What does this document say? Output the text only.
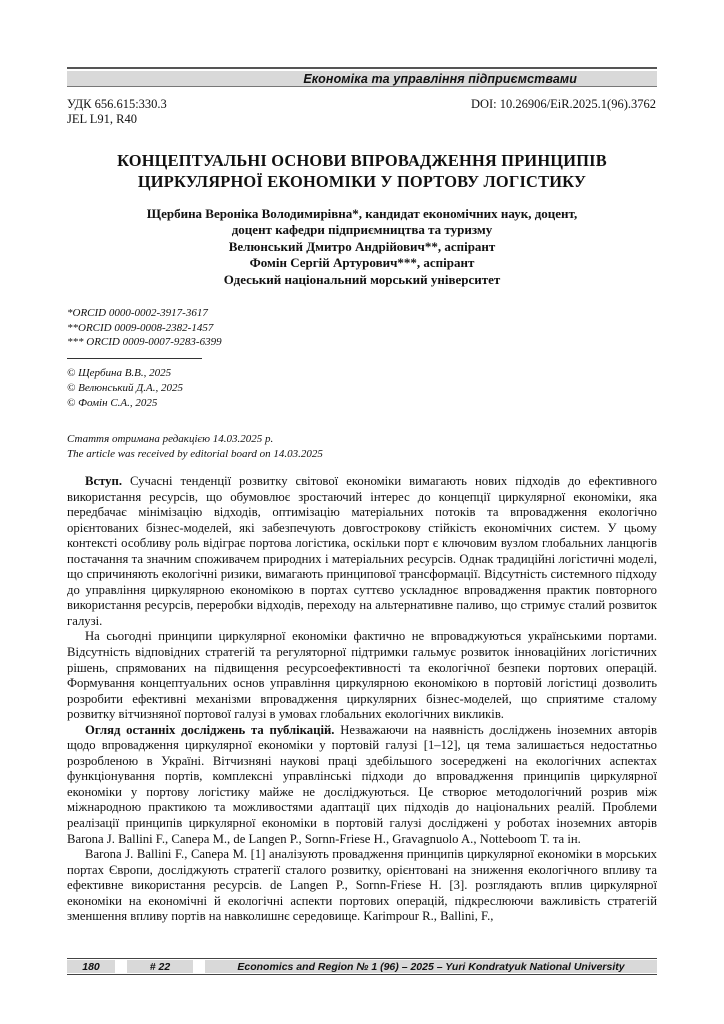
Економіка та управління підприємствами
УДК 656.615:330.3
JEL L91, R40
DOI: 10.26906/EiR.2025.1(96).3762
КОНЦЕПТУАЛЬНІ ОСНОВИ ВПРОВАДЖЕННЯ ПРИНЦИПІВ
ЦИРКУЛЯРНОЇ ЕКОНОМІКИ У ПОРТОВУ ЛОГІСТИКУ
Щербина Вероніка Володимирівна*, кандидат економічних наук, доцент,
доцент кафедри підприємництва та туризму
Велюнський Дмитро Андрійович**, аспірант
Фомін Сергій Артурович***, аспірант
Одеський національний морський університет
*ORCID 0000-0002-3917-3617
**ORCID 0009-0008-2382-1457
*** ORCID 0009-0007-9283-6399
© Щербина В.В., 2025
© Велюнський Д.А., 2025
© Фомін С.А., 2025
Стаття отримана редакцією 14.03.2025 р.
The article was received by editorial board on 14.03.2025

Вступ. Сучасні тенденції розвитку світової економіки вимагають нових підходів до ефективного використання ресурсів, що обумовлює зростаючий інтерес до концепції циркулярної економіки, яка передбачає мінімізацію відходів, оптимізацію матеріальних потоків та впровадження екологічно орієнтованих бізнес-моделей, які забезпечують довгострокову стійкість економічних систем. У цьому контексті особливу роль відіграє портова логістика, оскільки порт є ключовим вузлом глобальних ланцюгів постачання та значним споживачем природних і матеріальних ресурсів. Однак традиційні логістичні моделі, що спричиняють екологічні ризики, вимагають принципової трансформації. Відсутність системного підходу до управління циркулярною економікою в портах суттєво ускладнює впровадження практик повторного використання ресурсів, переробки відходів, переходу на альтернативне паливо, що стримує сталий розвиток галузі.

На сьогодні принципи циркулярної економіки фактично не впроваджуються українськими портами. Відсутність відповідних стратегій та регуляторної підтримки гальмує розвиток інноваційних логістичних рішень, спрямованих на підвищення ресурсоефективності та екологічної безпеки портових операцій. Формування концептуальних основ управління циркулярною економікою в портовій логістиці дозволить розробити ефективні механізми впровадження циркулярних бізнес-моделей, що сприятиме сталому розвитку вітчизняної портової галузі в умовах глобальних екологічних викликів.

Огляд останніх досліджень та публікацій. Незважаючи на наявність досліджень іноземних авторів щодо впровадження циркулярної економіки у портовій галузі [1–12], ця тема залишається недостатньо розробленою в Україні. Вітчизняні наукові праці здебільшого зосереджені на екологічних аспектах функціонування портів, комплексні управлінські підходи до впровадження принципів циркулярної економіки у портову логістику майже не досліджуються. Це створює методологічний розрив між міжнародною практикою та можливостями адаптації цих підходів до національних реалій. Проблеми реалізації принципів циркулярної економіки в портовій галузі досліджені у роботах іноземних авторів Barona J. Ballini F., Canepa M., de Langen P., Sornn-Friese H., Gravagnuolo A., Notteboom T. та ін.

Barona J. Ballini F., Canepa M. [1] аналізують провадження принципів циркулярної економіки в морських портах Європи, досліджують стратегії сталого розвитку, орієнтовані на зниження екологічного впливу та ефективне використання ресурсів. de Langen P., Sornn-Friese H. [3]. розглядають вплив циркулярної економіки на економічні й екологічні аспекти портових операцій, підкреслюючи важливість стратегій зменшення впливу портів на навколишнє середовище. Karimpour R., Ballini, F.,

180	# 22	Economics and Region № 1 (96) – 2025 – Yuri Kondratyuk National University
